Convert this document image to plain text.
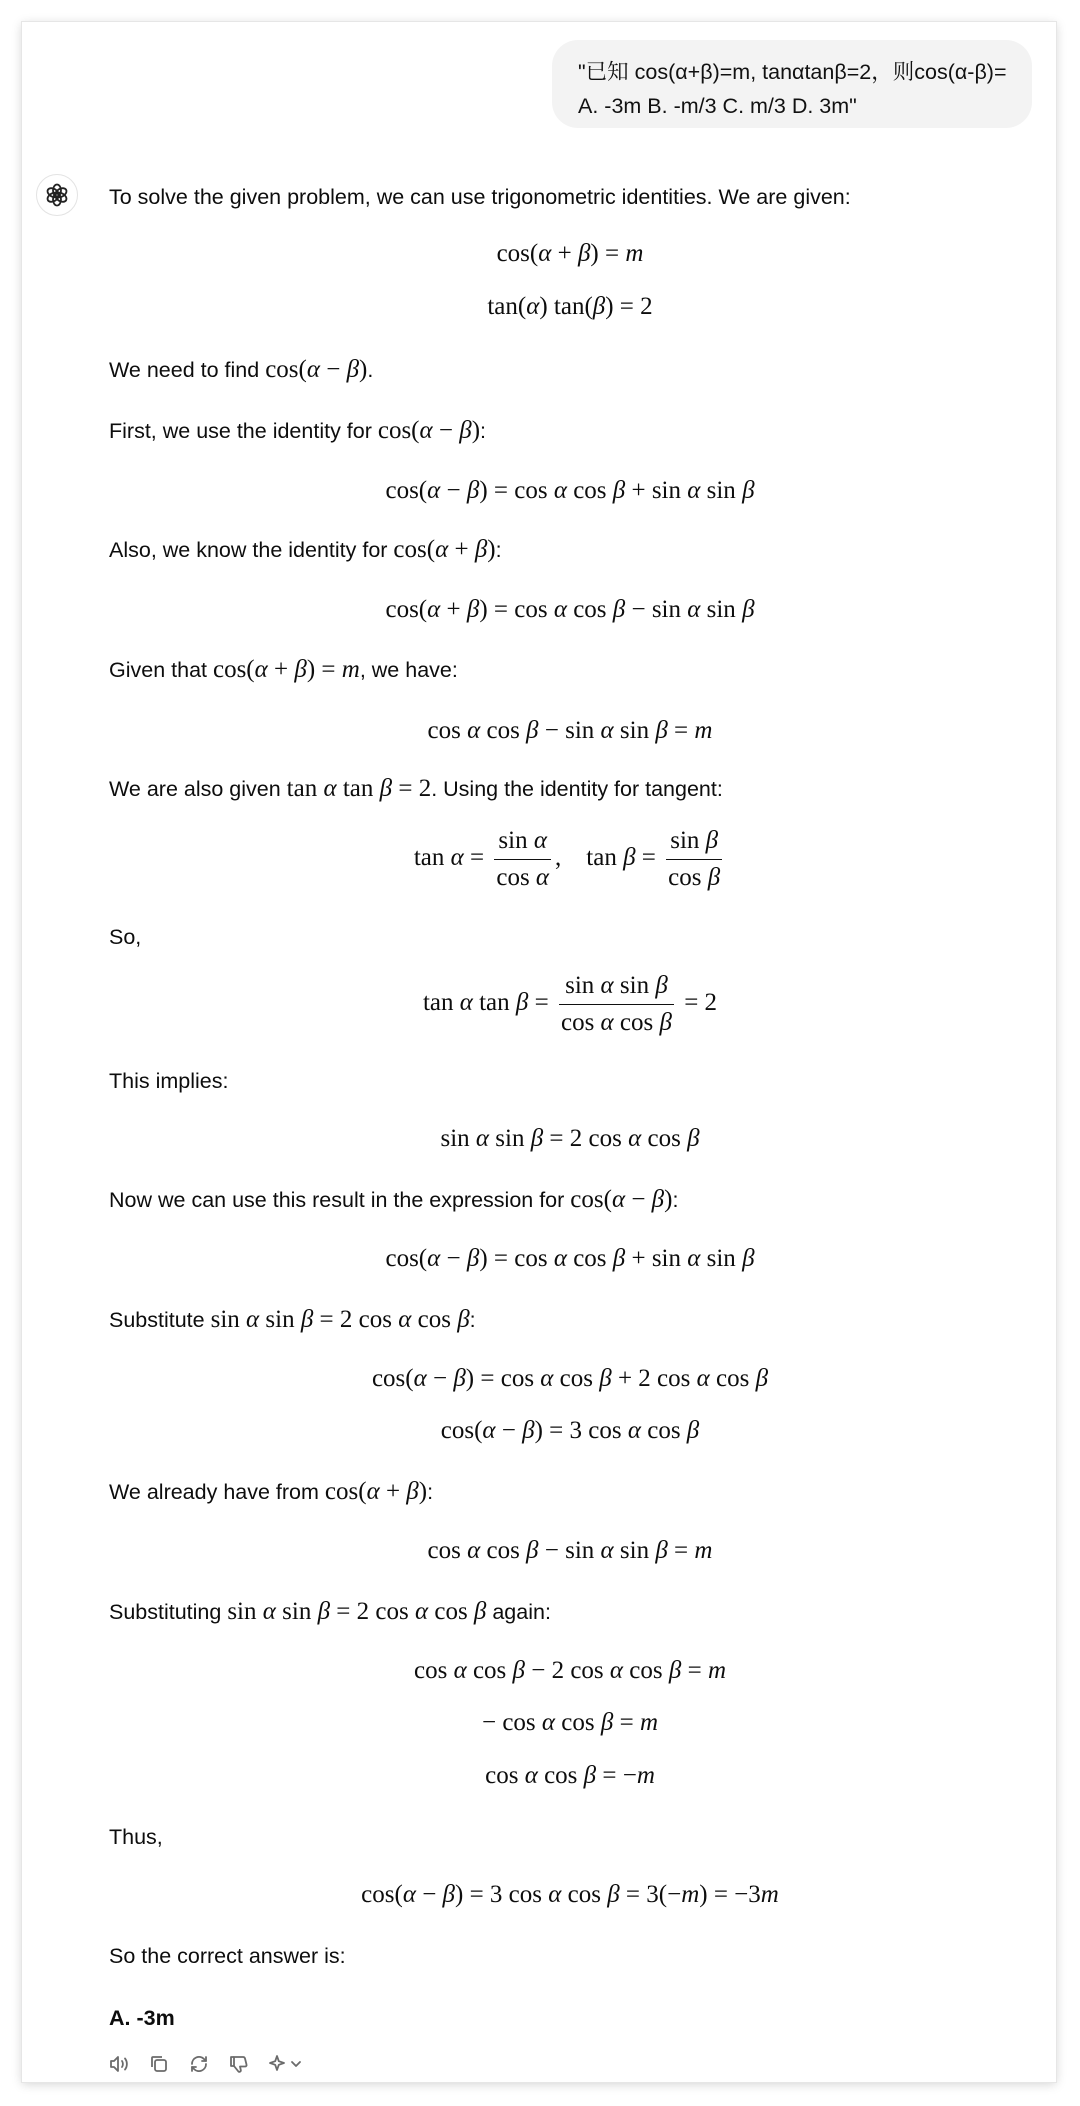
"已知 cos(α+β)=m, tanαtanβ=2，则cos(α-β)=
A. -3m B. -m/3 C. m/3 D. 3m"
To solve the given problem, we can use trigonometric identities. We are given:
cos(α + β) = m
tan(α) tan(β) = 2
We need to find cos(α − β).
First, we use the identity for cos(α − β):
cos(α − β) = cos α cos β + sin α sin β
Also, we know the identity for cos(α + β):
cos(α + β) = cos α cos β − sin α sin β
Given that cos(α + β) = m, we have:
cos α cos β − sin α sin β = m
We are also given tan α tan β = 2. Using the identity for tangent:
$\tan \alpha = \frac{\text{sin α}}{\text{cos α}}$ ,    $\tan \beta = \frac{\text{sin β}}{\text{cos β}}$
So,
tan α $\tan \beta = \frac{\text{sin α sin β}}{\text{cos α cos β}} = 2$
This implies:
sin α sin β = 2 cos α cos β
Now we can use this result in the expression for cos(α − β):
cos(α − β) = cos α cos β + sin α sin β
Substitute sin α sin β = 2 cos α cos β:
cos(α − β) = cos α cos β + 2 cos α cos β
cos(α − β) = 3 cos α cos β
We already have from cos(α + β):
cos α cos β − sin α sin β = m
Substituting sin α sin β = 2 cos α cos β again:
cos α cos β − 2 cos α cos β = m
− cos α cos β = m
cos α cos β = −m
Thus,
cos(α − β) = 3 cos α cos β = 3(−m) = −3m
So the correct answer is:
A. -3m
